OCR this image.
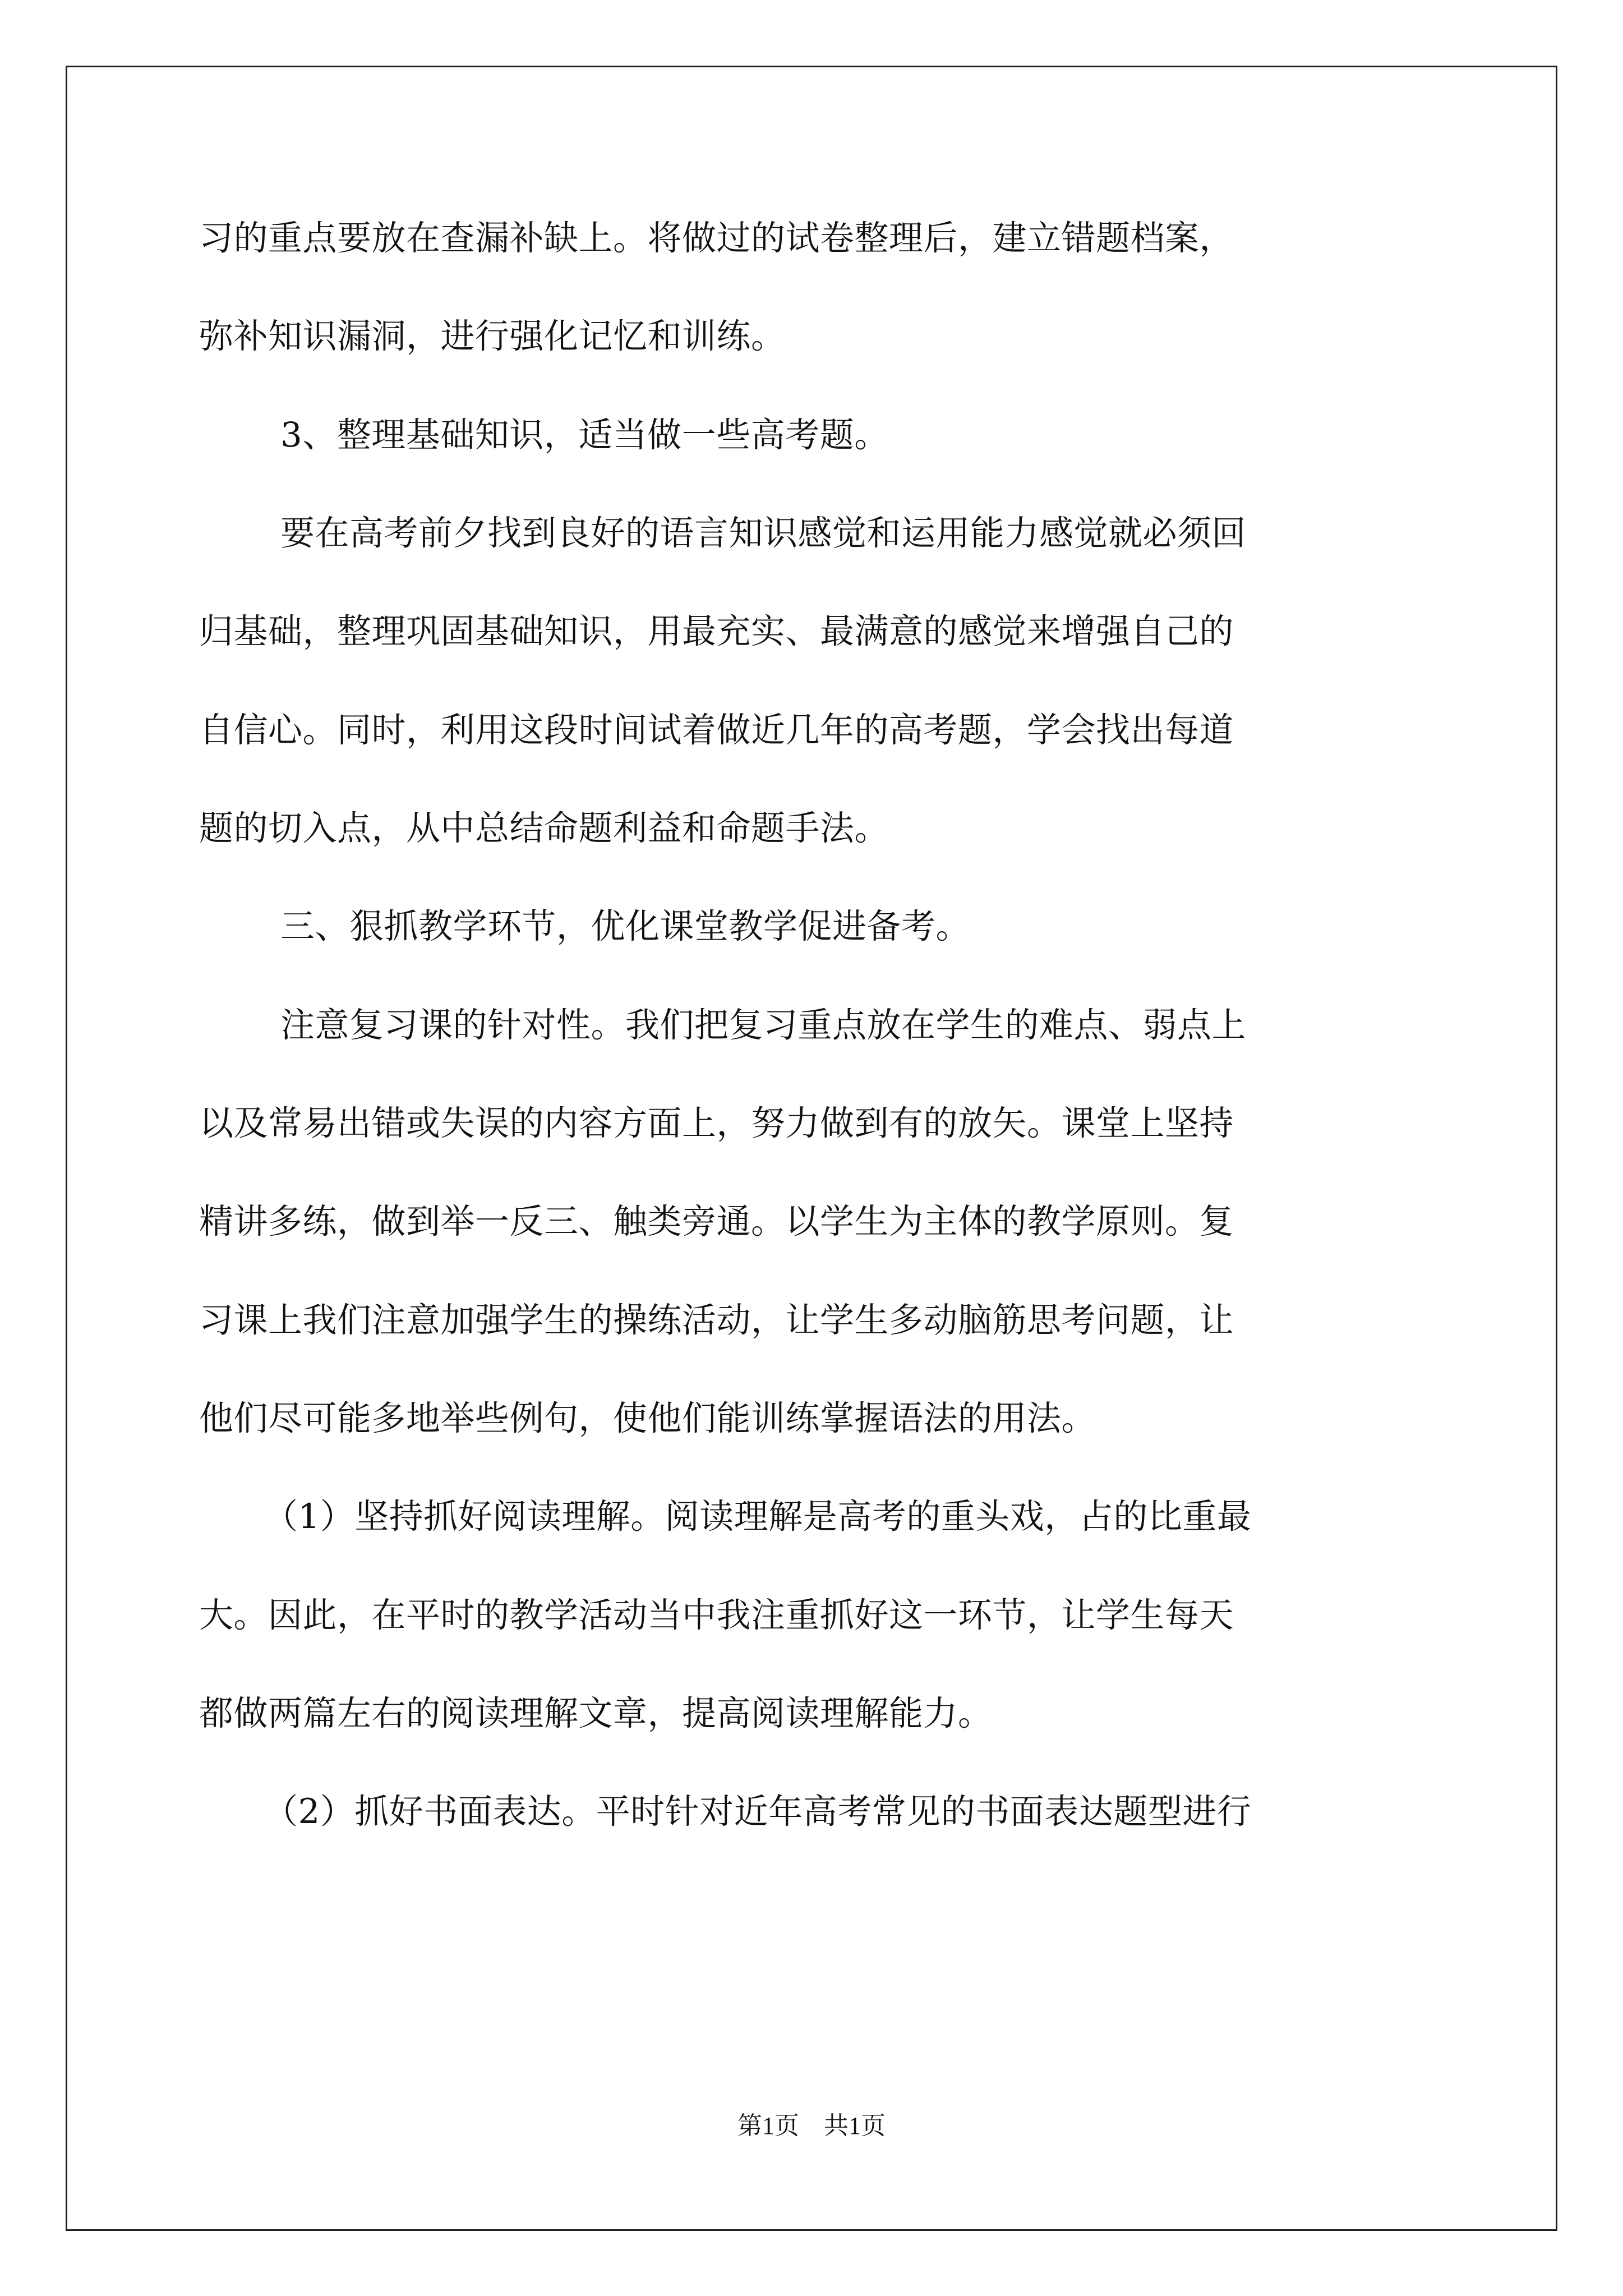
习的重点要放在查漏补缺上。将做过的试卷整理后，建立错题档案，
弥补知识漏洞，进行强化记忆和训练。
3、整理基础知识，适当做一些高考题。
要在高考前夕找到良好的语言知识感觉和运用能力感觉就必须回
归基础，整理巩固基础知识，用最充实、最满意的感觉来增强自己的
自信心。同时，利用这段时间试着做近几年的高考题，学会找出每道
题的切入点，从中总结命题利益和命题手法。
三、狠抓教学环节，优化课堂教学促进备考。
注意复习课的针对性。我们把复习重点放在学生的难点、弱点上
以及常易出错或失误的内容方面上，努力做到有的放矢。课堂上坚持
精讲多练，做到举一反三、触类旁通。以学生为主体的教学原则。复
习课上我们注意加强学生的操练活动，让学生多动脑筋思考问题，让
他们尽可能多地举些例句，使他们能训练掌握语法的用法。
（1）坚持抓好阅读理解。阅读理解是高考的重头戏，占的比重最
大。因此，在平时的教学活动当中我注重抓好这一环节，让学生每天
都做两篇左右的阅读理解文章，提高阅读理解能力。
（2）抓好书面表达。平时针对近年高考常见的书面表达题型进行
第1页 共1页
